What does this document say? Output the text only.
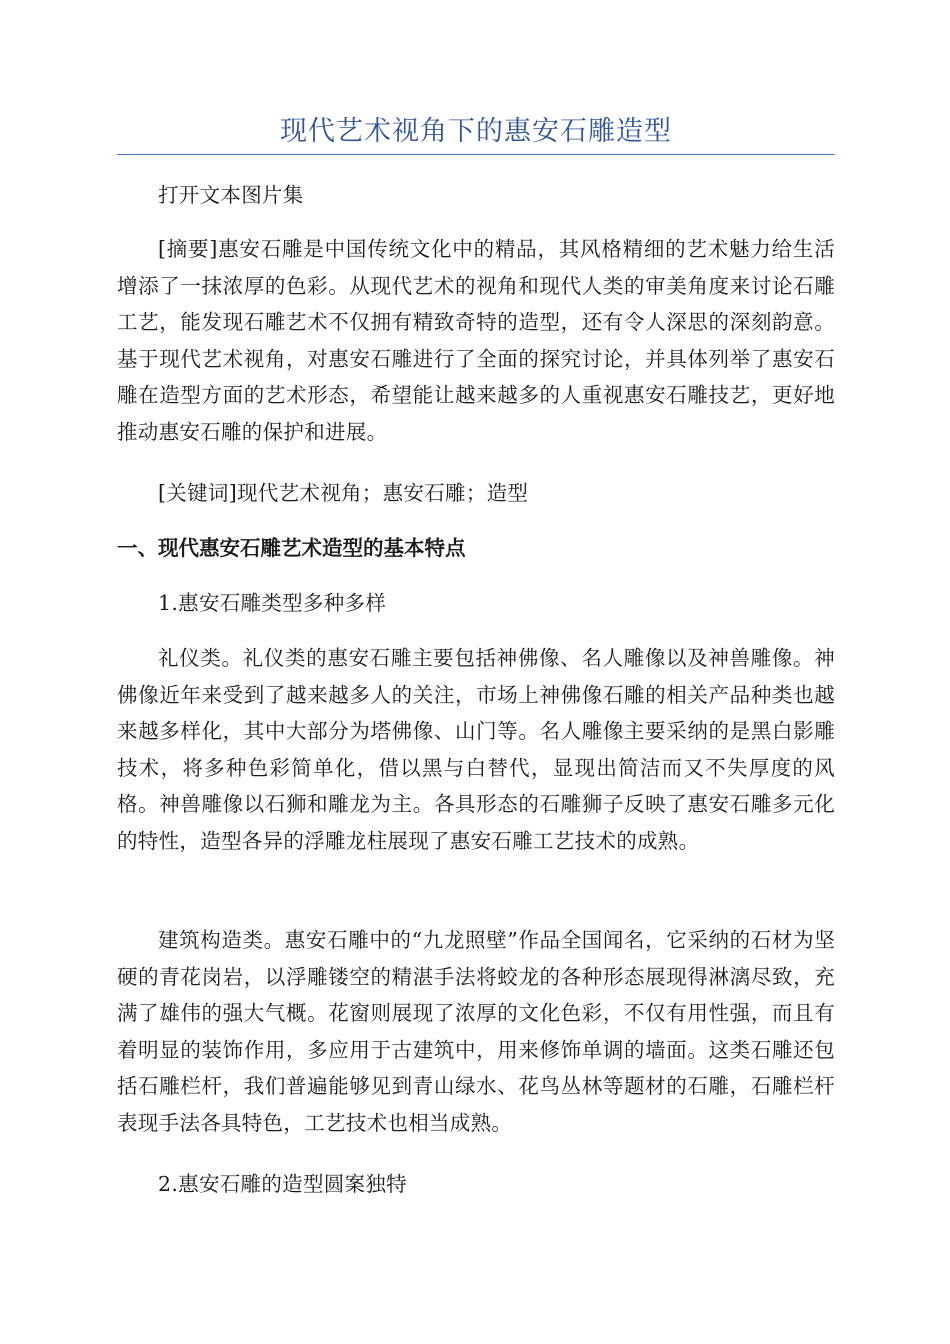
现代艺术视角下的惠安石雕造型

打开文本图片集

[摘要]惠安石雕是中国传统文化中的精品，其风格精细的艺术魅力给生活增添了一抹浓厚的色彩。从现代艺术的视角和现代人类的审美角度来讨论石雕工艺，能发现石雕艺术不仅拥有精致奇特的造型，还有令人深思的深刻韵意。基于现代艺术视角，对惠安石雕进行了全面的探究讨论，并具体列举了惠安石雕在造型方面的艺术形态，希望能让越来越多的人重视惠安石雕技艺，更好地推动惠安石雕的保护和进展。

[关键词]现代艺术视角；惠安石雕；造型

一、现代惠安石雕艺术造型的基本特点

1.惠安石雕类型多种多样

礼仪类。礼仪类的惠安石雕主要包括神佛像、名人雕像以及神兽雕像。神佛像近年来受到了越来越多人的关注，市场上神佛像石雕的相关产品种类也越来越多样化，其中大部分为塔佛像、山门等。名人雕像主要采纳的是黑白影雕技术，将多种色彩简单化，借以黑与白替代，显现出简洁而又不失厚度的风格。神兽雕像以石狮和雕龙为主。各具形态的石雕狮子反映了惠安石雕多元化的特性，造型各异的浮雕龙柱展现了惠安石雕工艺技术的成熟。

建筑构造类。惠安石雕中的“九龙照壁”作品全国闻名，它采纳的石材为坚硬的青花岗岩，以浮雕镂空的精湛手法将蛟龙的各种形态展现得淋漓尽致，充满了雄伟的强大气概。花窗则展现了浓厚的文化色彩，不仅有用性强，而且有着明显的装饰作用，多应用于古建筑中，用来修饰单调的墙面。这类石雕还包括石雕栏杆，我们普遍能够见到青山绿水、花鸟丛林等题材的石雕，石雕栏杆表现手法各具特色，工艺技术也相当成熟。

2.惠安石雕的造型圆案独特
